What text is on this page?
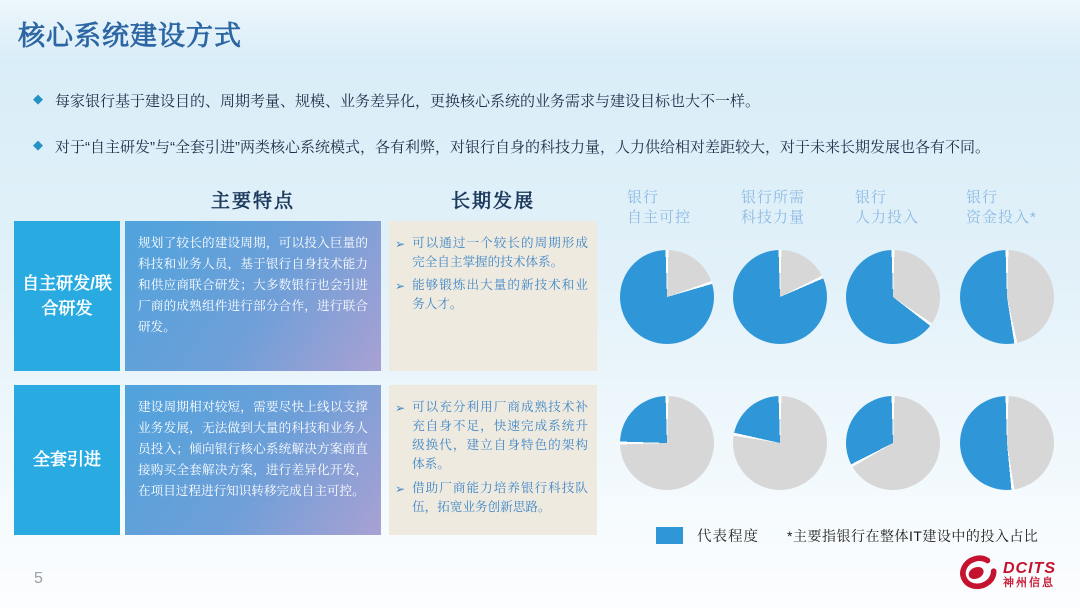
核心系统建设方式
◆ 每家银行基于建设目的、周期考量、规模、业务差异化，更换核心系统的业务需求与建设目标也大不一样。
◆ 对于“自主研发”与“全套引进”两类核心系统模式，各有利弊，对银行自身的科技力量，人力供给相对差距较大，对于未来长期发展也各有不同。
主要特点	长期发展	银行
自主可控
银行所需
科技力量
银行
人力投入
银行
资金投入*
自主研发/联合研发
规划了较长的建设周期，可以投入巨量的科技和业务人员，基于银行自身技术能力和供应商联合研发；大多数银行也会引进厂商的成熟组件进行部分合作，进行联合研发。
➢ 可以通过一个较长的周期形成完全自主掌握的技术体系。
➢ 能够锻炼出大量的新技术和业务人才。
全套引进
建设周期相对较短，需要尽快上线以支撑业务发展，无法做到大量的科技和业务人员投入；倾向银行核心系统解决方案商直接购买全套解决方案，进行差异化开发，在项目过程进行知识转移完成自主可控。
➢ 可以充分利用厂商成熟技术补充自身不足，快速完成系统升级换代，建立自身特色的架构体系。
➢ 借助厂商能力培养银行科技队伍，拓宽业务创新思路。
代表程度 *主要指银行在整体IT建设中的投入占比
5
DCITS
神州信息
